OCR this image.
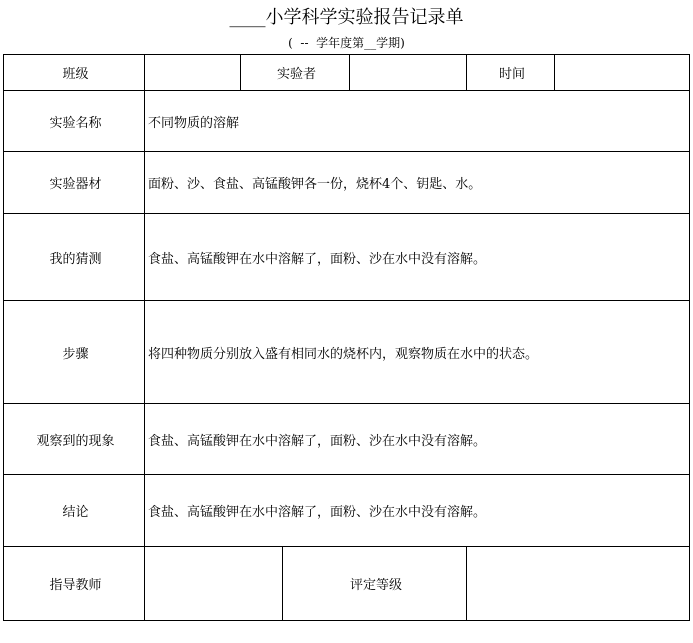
____小学科学实验报告记录单
(  --  学年度第__学期)
班级		实验者			时间	
实验名称	不同物质的溶解					
实验器材	面粉、沙、食盐、高锰酸钾各一份，烧杯4个、钥匙、水。					
我的猜测	食盐、高锰酸钾在水中溶解了，面粉、沙在水中没有溶解。					
步骤	将四种物质分别放入盛有相同水的烧杯内，观察物质在水中的状态。					
观察到的现象	食盐、高锰酸钾在水中溶解了，面粉、沙在水中没有溶解。					
结论	食盐、高锰酸钾在水中溶解了，面粉、沙在水中没有溶解。					
指导教师			评定等级			
